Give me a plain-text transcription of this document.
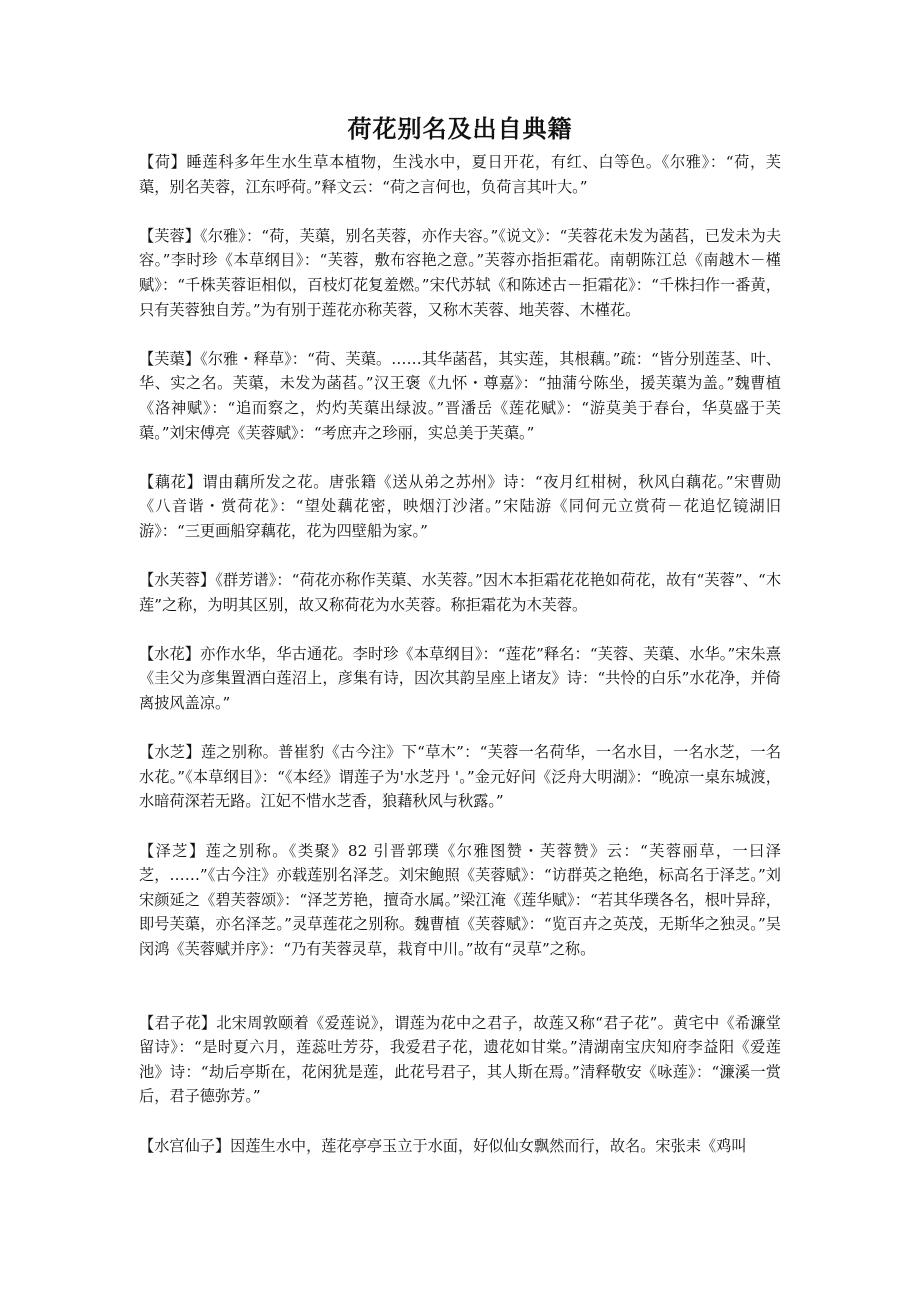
荷花别名及出自典籍

【荷】睡莲科多年生水生草本植物，生浅水中，夏日开花，有红、白等色。《尔雅》：“荷，芙蕖，别名芙蓉，江东呼荷。”释文云：“荷之言何也，负荷言其叶大。”

【芙蓉】《尔雅》：“荷，芙蕖，别名芙蓉，亦作夫容。”《说文》：“芙蓉花未发为菡萏，已发未为夫容。”李时珍《本草纲目》：“芙蓉，敷布容艳之意。”芙蓉亦指拒霜花。南朝陈江总《南越木－槿赋》：“千株芙蓉讵相似，百枝灯花复羞燃。”宋代苏轼《和陈述古－拒霜花》：“千株扫作一番黄，只有芙蓉独自芳。”为有别于莲花亦称芙蓉，又称木芙蓉、地芙蓉、木槿花。

【芙蕖】《尔雅・释草》：“荷、芙蕖。……其华菡萏，其实莲，其根藕。”疏：“皆分别莲茎、叶、华、实之名。芙蕖，未发为菡萏。”汉王褒《九怀・尊嘉》：“抽蒲兮陈坐，援芙蕖为盖。”魏曹植《洛神赋》：“追而察之，灼灼芙蕖出绿波。”晋潘岳《莲花赋》：“游莫美于春台，华莫盛于芙蕖。”刘宋傅亮《芙蓉赋》：“考庶卉之珍丽，实总美于芙蕖。”

【藕花】谓由藕所发之花。唐张籍《送从弟之苏州》诗：“夜月红柑树，秋风白藕花。”宋曹勋《八音谐・赏荷花》：“望处藕花密，映烟汀沙渚。”宋陆游《同何元立赏荷－花追忆镜湖旧游》：“三更画船穿藕花，花为四壁船为家。”

【水芙蓉】《群芳谱》：“荷花亦称作芙蕖、水芙蓉。”因木本拒霜花花艳如荷花，故有“芙蓉”、“木莲”之称，为明其区别，故又称荷花为水芙蓉。称拒霜花为木芙蓉。

【水花】亦作水华，华古通花。李时珍《本草纲目》：“莲花”释名：“芙蓉、芙蕖、水华。”宋朱熹《圭父为彦集置酒白莲沼上，彦集有诗，因次其韵呈座上诸友》诗：“共怜的白乐”水花净，并倚离披风盖凉。”

【水芝】莲之别称。普崔豹《古今注》下“草木”：“芙蓉一名荷华，一名水目，一名水芝，一名水花。”《本草纲目》：“《本经》谓莲子为'水芝丹 '。”金元好问《泛舟大明湖》：“晚凉一桌东城渡，水暗荷深若无路。江妃不惜水芝香，狼藉秋风与秋露。”

【泽芝】莲之别称。《类聚》82 引晋郭璞《尔雅图赞・芙蓉赞》云：“芙蓉丽草，一曰泽芝，……”《古今注》亦载莲别名泽芝。刘宋鲍照《芙蓉赋》：“访群英之艳绝，标高名于泽芝。”刘宋颜延之《碧芙蓉颂》：“泽芝芳艳，擅奇水属。”梁江淹《莲华赋》：“若其华璞各名，根叶异辞，即号芙蕖，亦名泽芝。”灵草莲花之别称。魏曹植《芙蓉赋》：“览百卉之英茂，无斯华之独灵。”吴闵鸿《芙蓉赋并序》：“乃有芙蓉灵草，栽育中川。”故有“灵草”之称。

【君子花】北宋周敦颐着《爱莲说》，谓莲为花中之君子，故莲又称“君子花”。黄宅中《希濂堂留诗》：“是时夏六月，莲蕊吐芳芬，我爱君子花，遗花如甘棠。”清湖南宝庆知府李益阳《爱莲池》诗：“劫后亭斯在，花闲犹是莲，此花号君子，其人斯在焉。”清释敬安《咏莲》：“濂溪一赏后，君子德弥芳。”

【水宫仙子】因莲生水中，莲花亭亭玉立于水面，好似仙女飘然而行，故名。宋张耒《鸡叫
